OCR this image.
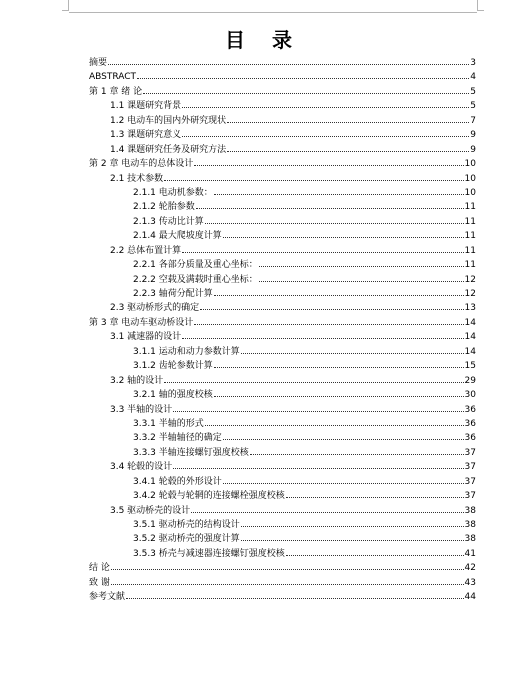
目 录
摘要	3
ABSTRACT	4
第 1 章 绪 论	5
1.1 课题研究背景	5
1.2 电动车的国内外研究现状	7
1.3 课题研究意义	9
1.4 课题研究任务及研究方法	9
第 2 章 电动车的总体设计	10
2.1 技术参数	10
2.1.1 电动机参数：	10
2.1.2 轮胎参数	11
2.1.3 传动比计算	11
2.1.4 最大爬坡度计算	11
2.2 总体布置计算	11
2.2.1 各部分质量及重心坐标：	11
2.2.2 空载及满载时重心坐标：	12
2.2.3 轴荷分配计算	12
2.3 驱动桥形式的确定	13
第 3 章 电动车驱动桥设计	14
3.1 减速器的设计	14
3.1.1 运动和动力参数计算	14
3.1.2 齿轮参数计算	15
3.2 轴的设计	29
3.2.1 轴的强度校核	30
3.3 半轴的设计	36
3.3.1 半轴的形式	36
3.3.2 半轴轴径的确定	36
3.3.3 半轴连接螺钉强度校核	37
3.4 轮毂的设计	37
3.4.1 轮毂的外形设计	37
3.4.2 轮毂与轮辋的连接螺栓强度校核	37
3.5 驱动桥壳的设计	38
3.5.1 驱动桥壳的结构设计	38
3.5.2 驱动桥壳的强度计算	38
3.5.3 桥壳与减速器连接螺钉强度校核	41
结 论	42
致 谢	43
参考文献	44
